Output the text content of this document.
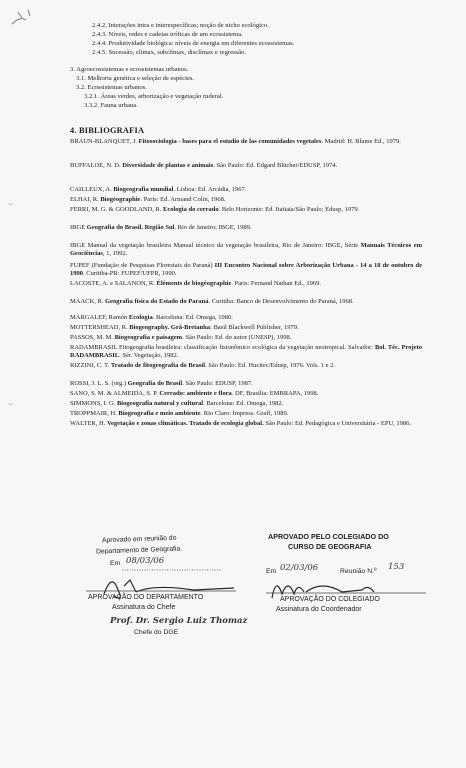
⌣
⌣
2.4.2. Interações intra e interespecíficas; noção de nicho ecológico.
2.4.3. Níveis, redes e cadeias tróficas de um ecossistema.
2.4.4. Produtividade biológica: níveis de energia em diferentes ecossistemas.
2.4.5. Sucessão, clímax, subclímax, disclímax e regressão.
3. Agroecossistemas e ecossistemas urbanos.
3.1. Melhoria genética e seleção de espécies.
3.2. Ecossistemas urbanos.
3.2.1. Áreas verdes, arborização e vegetação ruderal.
3.3.2. Fauna urbana.
4. BIBLIOGRAFIA
BRAUN-BLANQUET, J. Fitosociologia - bases para el estudio de las comunidades vegetales. Madrid: H. Blume Ed., 1979.
BUFFALOE, N. D. Diversidade de plantas e animais. São Paulo: Ed. Edgard Blücher/EDUSP, 1974.
CAILLEUX, A. Biogeografia mundial. Lisboa: Ed. Arcádia, 1967.
ELHAI, R. Biogéographie. Paris: Ed. Armand Colin, 1968.
FERRI, M. G. & GOODLAND, R. Ecologia do cerrado. Belo Horizonte: Ed. Itatiaia/São Paulo; Edusp, 1979.
IBGE Geografia do Brasil. Região Sul. Rio de Janeiro; IBGE, 1989.
IBGE Manual da vegetação brasileira Manual técnico da vegetação brasileira, Rio de Janeiro: IBGE, Série Manuais Técnicos em Geociências, 1, 1992.
FUPEF (Fundação de Pesquisas Florestais do Paraná) III Encontro Nacional sobre Arborização Urbana - 14 a 18 de outubro de 1990. Curitiba-PR: FUPEF/UFPR, 1990.
LACOSTE, A. e SALANON, R. Éléments de biogéographie. Paris: Fernand Nathan Ed., 1969.
MAACK, R. Geografia física do Estado do Paraná. Curitiba: Banco de Desenvolvimento do Paraná, 1968.
MARGALEF, Ramón Ecologia. Barcelona: Ed. Omega, 1980.
MOTTERSHEAD, R. Biogeography. Grã-Bretanha: Basil Blackwell Publisher, 1979.
PASSOS, M. M. Biogeografia e paisagem. São Paulo: Ed. do autor (UNESP), 1998.
RADAMBRASIL Fitogeografia brasileira: classificação fisionômico ecológica da vegetação neotropical. Salvador: Bol. Téc. Projeto RADAMBRASIL. Sér. Vegetação, 1982.
RIZZINI, C. T. Tratado de fitogeografia do Brasil. São Paulo: Ed. Hucitec/Edusp, 1976. Vols. 1 e 2.
ROSSI, J. L. S. (org.) Geografia do Brasil. São Paulo: EDUSP, 1987.
SANO, S. M. & ALMEIDA, S. P. Cerrado: ambiente e flora. DF, Brasília: EMBRAPA, 1998.
SIMMONS, I. G. Biogeografia natural y cultural. Barcelona: Ed. Omega, 1982.
TROPPMAIR, H. Biogeografia e meio ambiente. Rio Claro: Impress. Graff, 1989.
WALTER, H. Vegetação e zonas climáticas. Tratado de ecologia global. São Paulo: Ed. Pedagógica e Universitária - EPU, 1986.
Aprovado em reunião do
Departamento de Geografia.
Em 08/03/06
APROVAÇÃO DO DEPARTAMENTO
Assinatura do Chefe
Prof. Dr. Sergio Luiz Thomaz
Chefe do DGE
APROVADO PELO COLEGIADO DO
CURSO DE GEOGRAFIA
Em 02/03/06	Reunião N.º 153
APROVAÇÃO DO COLEGIADO
Assinatura do Coordenador
